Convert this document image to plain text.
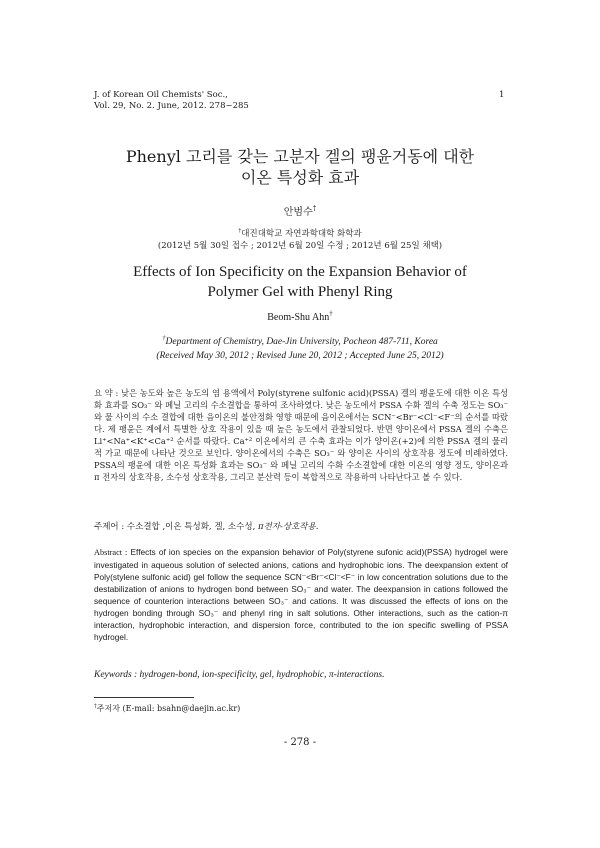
J. of Korean Oil Chemists' Soc.,
Vol. 29, No. 2. June, 2012. 278~285
1
Phenyl 고리를 갖는 고분자 겔의 팽윤거동에 대한
이온 특성화 효과
안범수†
†대진대학교 자연과학대학 화학과
(2012년 5월 30일 접수 ; 2012년 6월 20일 수정 ; 2012년 6월 25일 채택)
Effects of Ion Specificity on the Expansion Behavior of
Polymer Gel with Phenyl Ring
Beom-Shu Ahn†
†Department of Chemistry, Dae-Jin University, Pocheon 487-711, Korea
(Received May 30, 2012 ; Revised June 20, 2012 ; Accepted June 25, 2012)

요 약 : 낮은 농도와 높은 농도의 염 용액에서 Poly(styrene sulfonic acid)(PSSA) 겔의 팽윤도에 대한 이온 특성화 효과를 SO₃⁻ 와 페닐 고리의 수소결합을 통하여 조사하였다. 낮은 농도에서 PSSA 수화 겔의 수축 정도는 SO₃⁻ 와 물 사이의 수소 결합에 대한 음이온의 불안정화 영향 때문에 음이온에서는 SCN⁻<Br⁻<Cl⁻<F⁻의 순서를 따랐다. 제 팽윤은 계에서 특별한 상호 작용이 있을 때 높은 농도에서 관찰되었다. 반면 양이온에서 PSSA 겔의 수축은 Li⁺<Na⁺<K⁺<Ca⁺² 순서를 따랐다. Ca⁺² 이온에서의 큰 수축 효과는 이가 양이온(+2)에 의한 PSSA 겔의 물리적 가교 때문에 나타난 것으로 보인다. 양이온에서의 수축은 SO₃⁻ 와 양이온 사이의 상호작용 정도에 비례하였다. PSSA의 팽윤에 대한 이온 특성화 효과는 SO₃⁻ 와 페닐 고리의 수화 수소결합에 대한 이온의 영향 정도, 양이온과 π 전자의 상호작용, 소수성 상호작용, 그리고 분산력 등이 복합적으로 작용하여 나타난다고 볼 수 있다.

주제어 : 수소결합 ,이온 특성화, 겔, 소수성, π전자-상호작용.

Abstract : Effects of ion species on the expansion behavior of Poly(styrene sufonic acid)(PSSA) hydrogel were investigated in aqueous solution of selected anions, cations and hydrophobic ions. The deexpansion extent of Poly(stylene sulfonic acid) gel follow the sequence SCN⁻<Br⁻<Cl⁻<F⁻ in low concentration solutions due to the destabilization of anions to hydrogen bond between SO₃⁻ and water. The deexpansion in cations followed the sequence of counterion interactions between SO₃⁻ and cations. It was discussed the effects of ions on the hydrogen bonding through SO₃⁻ and phenyl ring in salt solutions. Other interactions, such as the cation-π interaction, hydrophobic interaction, and dispersion force, contributed to the ion specific swelling of PSSA hydrogel.

Keywords : hydrogen-bond, ion-specificity, gel, hydrophobic, π-interactions.
†주저자 (E-mail: bsahn@daejin.ac.kr)
- 278 -
